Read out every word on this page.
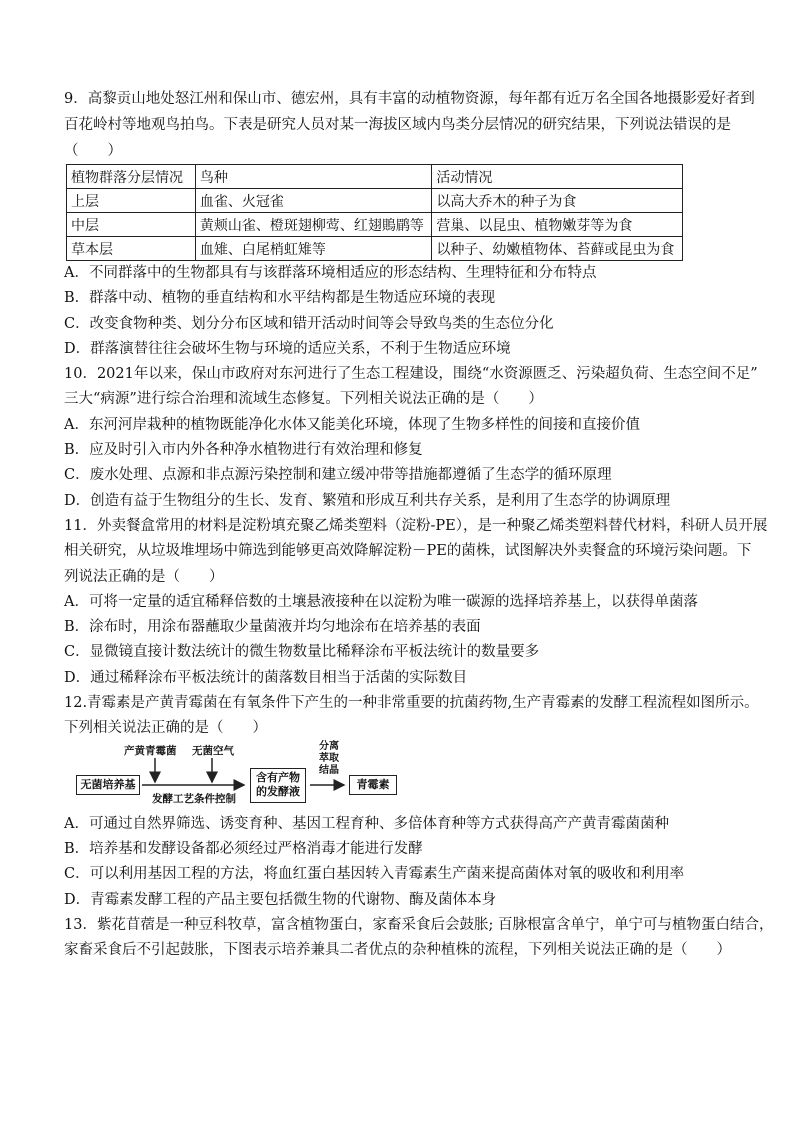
9．高黎贡山地处怒江州和保山市、德宏州，具有丰富的动植物资源，每年都有近万名全国各地摄影爱好者到
百花岭村等地观鸟拍鸟。下表是研究人员对某一海拔区域内鸟类分层情况的研究结果，下列说法错误的是
（　　）
植物群落分层情况	鸟种	活动情况
上层	血雀、火冠雀	以高大乔木的种子为食
中层	黄颊山雀、橙斑翅柳莺、红翅鵙鹛等	营巢、以昆虫、植物嫩芽等为食
草本层	血雉、白尾梢虹雉等	以种子、幼嫩植物体、苔藓或昆虫为食
A．不同群落中的生物都具有与该群落环境相适应的形态结构、生理特征和分布特点
B．群落中动、植物的垂直结构和水平结构都是生物适应环境的表现
C．改变食物种类、划分分布区域和错开活动时间等会导致鸟类的生态位分化
D．群落演替往往会破坏生物与环境的适应关系，不利于生物适应环境
10．2021年以来，保山市政府对东河进行了生态工程建设，围绕“水资源匮乏、污染超负荷、生态空间不足”
三大“病源”进行综合治理和流域生态修复。下列相关说法正确的是（　　）
A．东河河岸栽种的植物既能净化水体又能美化环境，体现了生物多样性的间接和直接价值
B．应及时引入市内外各种净水植物进行有效治理和修复
C．废水处理、点源和非点源污染控制和建立缓冲带等措施都遵循了生态学的循环原理
D．创造有益于生物组分的生长、发育、繁殖和形成互利共存关系，是利用了生态学的协调原理
11．外卖餐盒常用的材料是淀粉填充聚乙烯类塑料（淀粉-PE），是一种聚乙烯类塑料替代材料，科研人员开展
相关研究，从垃圾堆埋场中筛选到能够更高效降解淀粉－PE的菌株，试图解决外卖餐盒的环境污染问题。下
列说法正确的是（　　）
A．可将一定量的适宜稀释倍数的土壤悬液接种在以淀粉为唯一碳源的选择培养基上，以获得单菌落
B．涂布时，用涂布器蘸取少量菌液并均匀地涂布在培养基的表面
C．显微镜直接计数法统计的微生物数量比稀释涂布平板法统计的数量要多
D．通过稀释涂布平板法统计的菌落数目相当于活菌的实际数目
12.青霉素是产黄青霉菌在有氧条件下产生的一种非常重要的抗菌药物,生产青霉素的发酵工程流程如图所示。
下列相关说法正确的是（　　）
无菌培养基
产黄青霉菌 无菌空气
发酵工艺条件控制
含有产物的发酵液
分离萃取结晶
青霉素
A．可通过自然界筛选、诱变育种、基因工程育种、多倍体育种等方式获得高产产黄青霉菌菌种
B．培养基和发酵设备都必须经过严格消毒才能进行发酵
C．可以利用基因工程的方法，将血红蛋白基因转入青霉素生产菌来提高菌体对氧的吸收和利用率
D．青霉素发酵工程的产品主要包括微生物的代谢物、酶及菌体本身
13．紫花苜蓿是一种豆科牧草，富含植物蛋白，家畜采食后会鼓胀; 百脉根富含单宁，单宁可与植物蛋白结合，
家畜采食后不引起鼓胀，下图表示培养兼具二者优点的杂种植株的流程，下列相关说法正确的是（　　）
